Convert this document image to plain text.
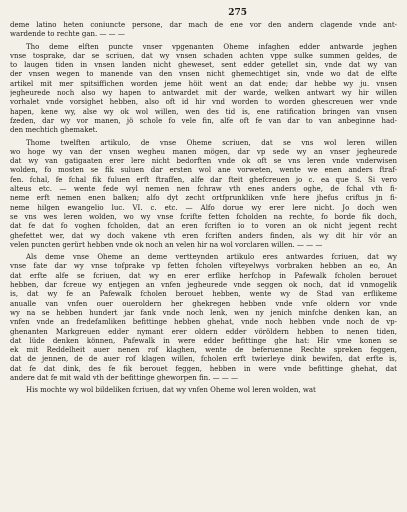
275
deme latino heten coniuncte persone, dar mach de ene vor den andern clagende vnde ant-
wardende to rechte gan. — — —
Tho deme elften puncte vnser vpgenanten Oheme infaghen edder antwarde jeghen
vnse tosprake, dar se scriuen, dat wy vnsen schaden achten vppe sulke summen geldes, de
to laugen tiden in vnsen landen nicht gheweset, sent edder getellet sin, vnde dat wy van
der vnsen wegen to manende van den vnsen nicht ghemechtiget sin, vnde wo dat de elfte
artikel mit mer spitsiffichen worden jeme höit went an dat ende; dar hebbe wy ju. vnsen
jegheurede noch also wy hapen to antwardet mit der warde, welken antwart wy hir willen
vorhalet vnde vorsighet hebben, also oft id hir vnd worden to worden ghescreuen wer vnde
hapen, kene wy, alse wy ok wol willen, wen des tid is, ene ratification bringen van vnsen
fzeden, dar wy vor manen, jö schole fo vele fin, alfe oft fe van dar to van anbeginne had-
den mechtich ghemaket.
Thome twelften artikulo, de vnse Oheme scriuen, dat se vns wol leren willen
wo hoge wy van der vnsen wegheu manen mögen, dar vp sede wy an vnser jegheurede
dat wy van gatigaaten erer lere nicht bedorften vnde ok oft se vns leren vnde vnderwisen
wolden, fo mosten se fik suluen dar ersten wol ane vorweten, wente we enen anders ftraf-
fen. fchal, fe fchal fik fuluen erft ftraffen, alfe dar fteit ghefcreuen jo c. ea que S. Si vero
alteus etc. — wente fede wyl nemen nen fchraw vth enes anders oghe, de fchal vth fi-
neme erft nemen enen balken; alfo dyt zecht ortfprunkliken vnfe here jhefus criftus jn fi-
neme hilgen ewangelio luc. VI. c. etc. — Alfo dorue wy erer lere nicht. Jo doch wen
se vns wes leren wolden, wo wy vnse fcrifte fetten fcholden na rechte, fo borde fik doch,
dat fe dat fo voghen fcholden, dat an eren fcriften io to voren an ok nicht jegent recht
ghefettet wer, dat wy doch vakene vth eren fcriften anders finden, als wy dit hir vör an
velen puncten gerürt hebben vnde ok noch an velen hir na wol vorclaren willen. — — —
Als deme vnse Oheme an deme vertteynden artikulo eres antwardes fcriuen, dat wy
vnse fate dar wy vnse tofprake vp fetten fcholen vifteyelwys vorbraken hebben an eo, An
dat erfte alfe se fcriuen, dat wy en erer erflike herfchop in Pafewalk fcholen berouet
hebben, dar fcreue wy entjegen an vnfen jegheurede vnde seggen ok noch, dat id vnmogelik
is, dat wy fe an Pafewalk fcholen berouet hebben, wente wy de Stad van erflikeme
anualle van vnfen ouer oueroldern her ghekregen hebben vnde vnfe oldern vor vnde
wy na se hebben hundert jar fank vnde noch lenk, wen ny jenich minfche denken kan, an
vnfen vnde an fredefamliken befittinge hebben ghehat, vnde noch hebben vnde noch de vp-
ghenanten Markgreuen edder nymant erer oldern edder vöröldern hebben to nenen tiden,
dat lüde denken können, Pafewalk in were edder befittinge ghe hat: Hir vme konen se
ek mit Reddelheit auer nenen rof klaghen, wente de beferuenne Rechte spreken feggen,
dat de jennen, de de auer rof klagen willen, fcholen erft twierleye dink bewifen, dat erfte is,
dat fe dat dink, des fe fik berouet feggen, hebben in were vnde befittinge ghehat, dat
andere dat fe mit wald vth der befittinge gheworpen fin. — — —
His mochte wy wol bildeliken fcriuen, dat wy vnfen Oheme wol leren wolden, wat
